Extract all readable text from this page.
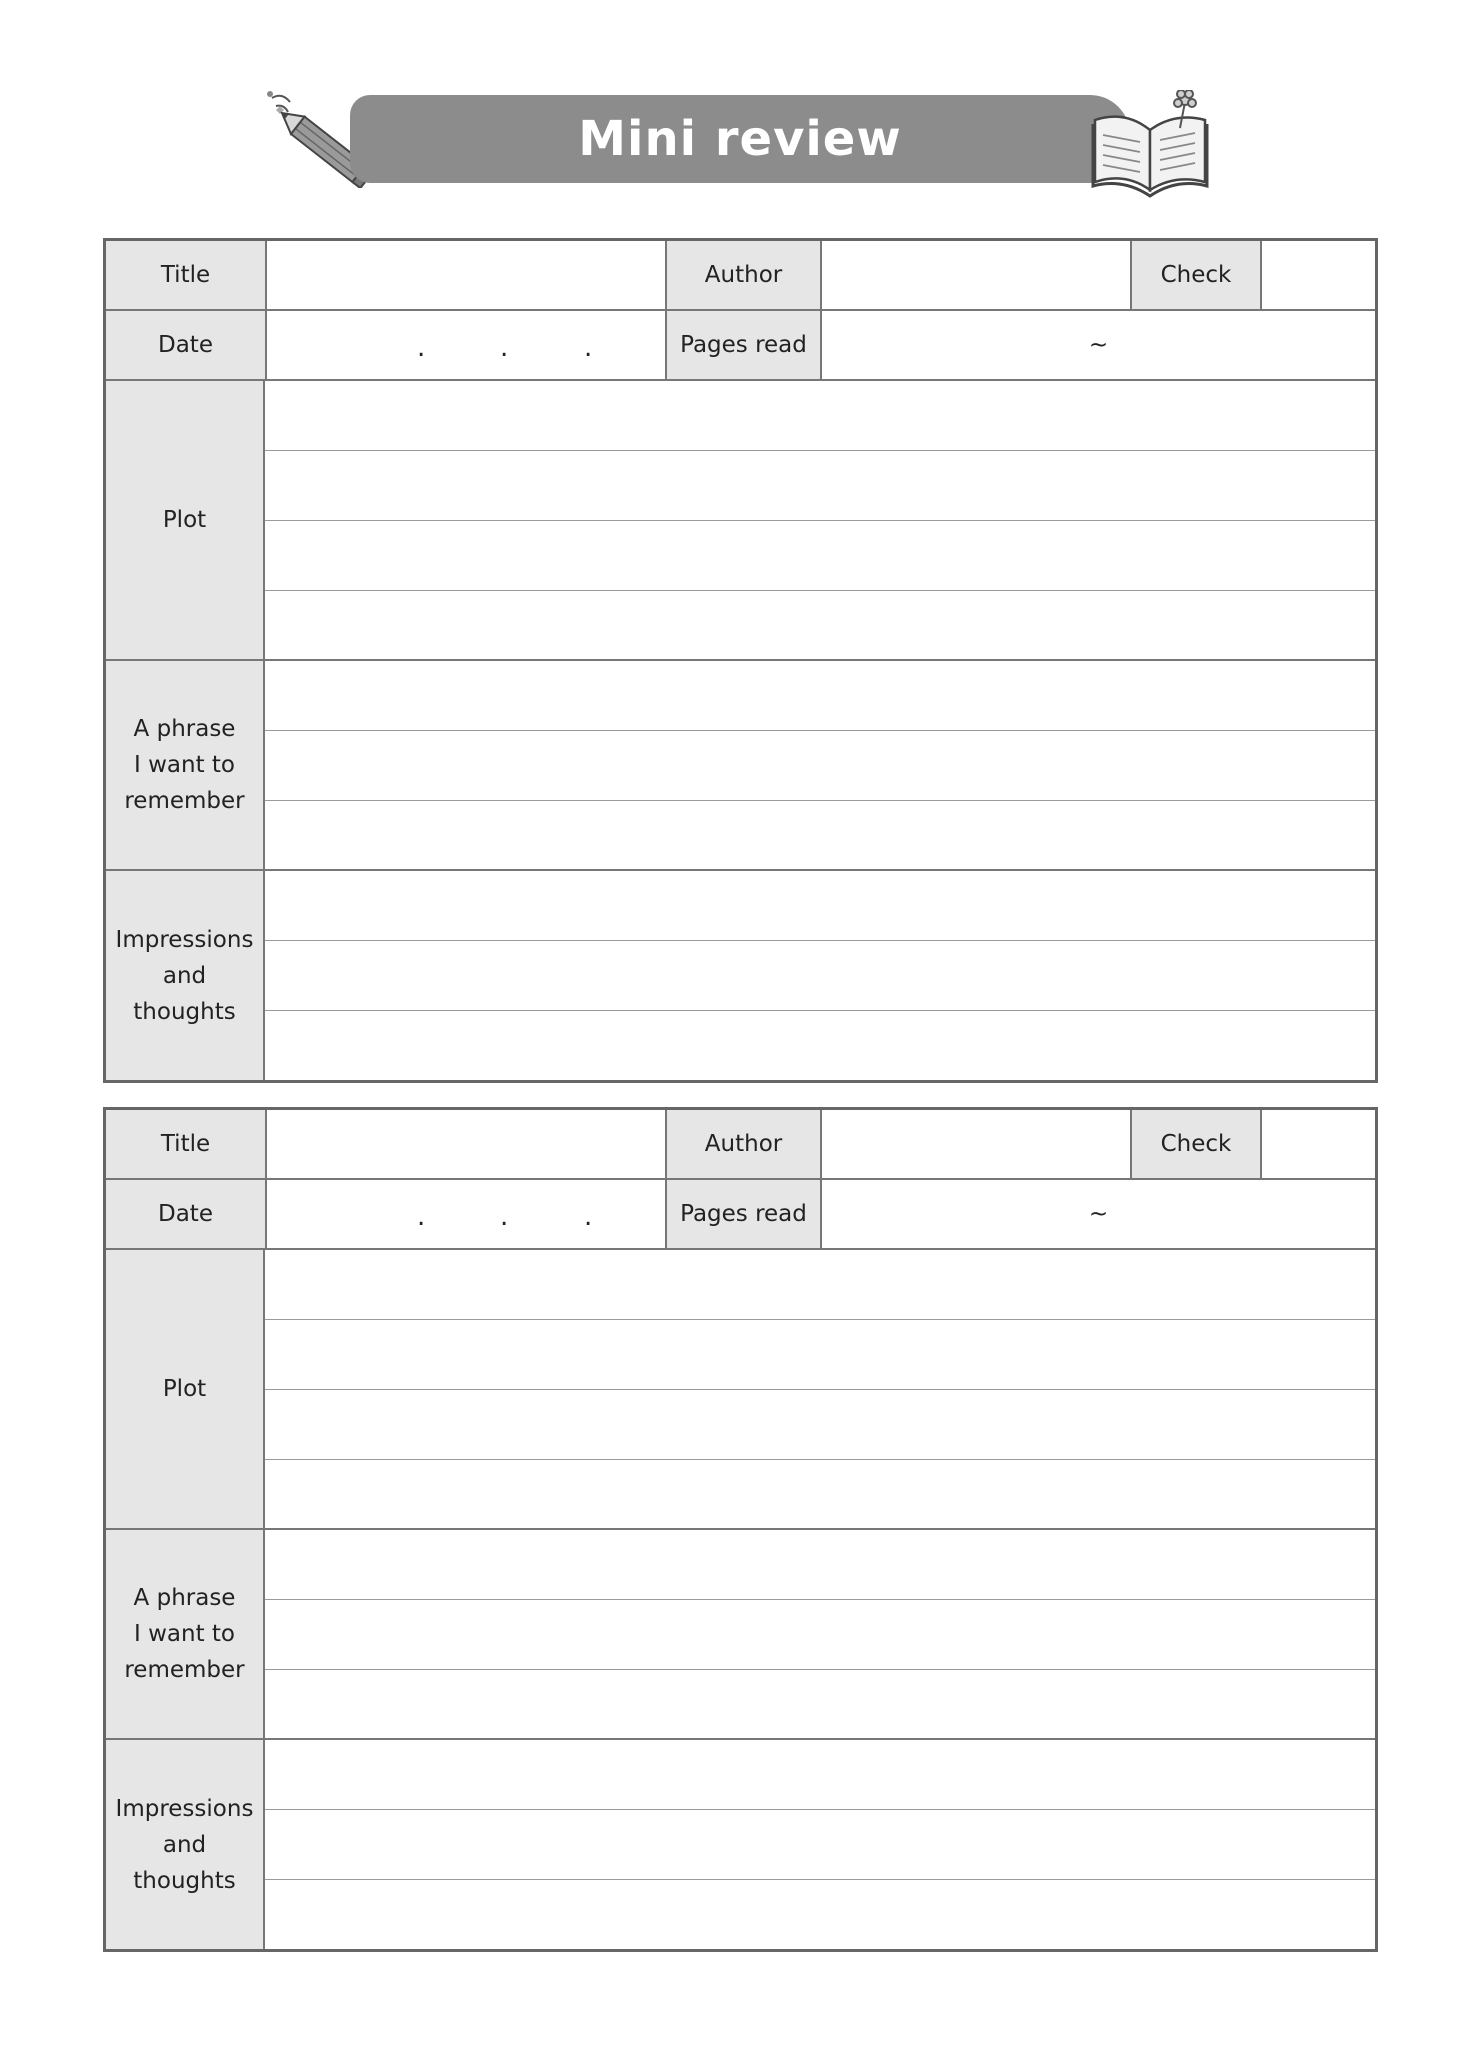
Mini review
Title	Author	Check
Date	.	.	.	Pages read	~
Plot
A phrase
I want to
remember
Impressions
and
thoughts
Title	Author	Check
Date	.	.	.	Pages read	~
Plot
A phrase
I want to
remember
Impressions
and
thoughts
